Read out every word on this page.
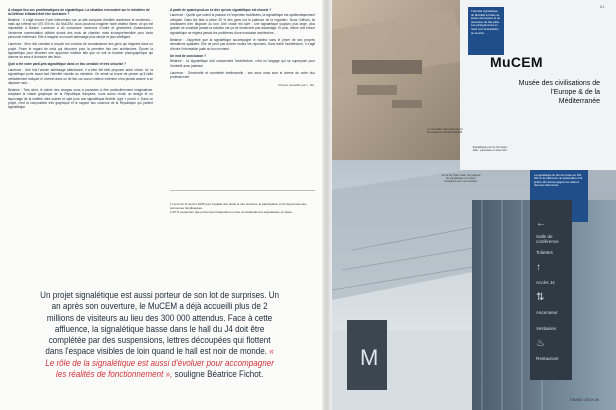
À chaque lieu ses problématiques de signalétique. La situation rencontrée sur le ministère de la Défense à Balard doit être tout autre ?
Béatrice : Il s'agit encore d'une intervention sur un site composé d'entités anciennes et modernes… mais qui s'étend sur 470 000 m². Au MuCEM, nous pouvions imaginer notre visiteur flâner, ce qui est impossible à Balard. Laurence a dû convaincre donneurs d'ordre et géomètres d'abandonner l'ancienne numérotation utilisée durant des mois de chantier, mais incompréhensible pour toute personne extérieure. Elle a imaginé un nouvel adressage plus simple et plus intelligent.
Laurence : Mon rôle consiste à coupler les cordons de connaissance des gens qui baignent dans un projet. Poser le regard de celui qui découvre pour la première fois une architecture. Épurer la signalétique pour favoriser une approche intuitive afin que ce soit la fonction photographique qui domine du sens à la lecture des lieux.
Quel a été votre parti-pris signalétique dans ce lieu sensible et très sécurisé ?
Laurence : Une fois l'ancien adressage abandonné, il a bien été fallu proposer autre chose. Ici, la signalétique porte avant tout l'identité visuelle du ministère. On serait un leurre de penser qu'il faille véritablement indiquer le chemin dans un tel lieu car aucun visiteur extérieur n'est jamais amené à se déplacer seul…
Béatrice : Très strict, le cahier des charges nous a poussées à être particulièrement imaginatives. Adoptant la charte graphique de la République française, nous avons choisi un design et un façonnage de la matière ultra sobres et opté pour une signalétique flexible, type « post-it ». Dans ce projet, c'est la composition très graphique et le rapport aux couleurs de la République qui portent signalétique.
À partir de quand peut-on se dire qu'une signalétique est réussie ?
Laurence : Quelle que soient la passion et l'expertise mobilisées, la signalétique est systématiquement critiquée. Dans les faits à peine 30 % des gens ont la patience de la regarder². Nous l'offrons, ils choisissent d'en disposer ou non. Une chose est sûre : une signalétique toujours plus large, plus grande ne constitue jamais la solution car ça ne fonctionne pas davantage. Et puis, même une bonne signalétique ne règlera jamais les problèmes d'une mauvaise architecture…
Béatrice : J'apprécie que la signalétique accompagne le visiteur sans le priver de ses propres sensations spatiales. Elle ne peut pas donner toutes les réponses. Sans trahir l'architecture, il s'agit d'écrire l'information juste au bon moment.
Un mot de conclusion ?
Béatrice : La signalétique doit comprendre l'architecture, c'est un langage qui se superpose pour l'embellir avec justesse.
Laurence : Générosité et honnêteté intellectuelle : ces deux mots sont le ciment de notre duo professionnel.
Propos recueillis par L. Ric.
1 La loi du 11 février 2005 pour l'égalité des droits et des chances, la participation et la citoyenneté des personnes handicapées.
2 30 % seulement des personnes fréquentant un lieu consulteraient la signalétique en place.
Un projet signalétique est aussi porteur de son lot de surprises. Un an après son ouverture, le MuCEM a déjà accueilli plus de 2 millions de visiteurs au lieu des 300 000 attendus. Face à cette affluence, la signalétique basse dans le hall du J4 doit être complétée par des suspensions, lettres découpées qui flottent dans l'espace visibles de loin quand le hall est noir de monde. « Le rôle de la signalétique est aussi d'évoluer pour accompagner les réalités de fonctionnement », souligne Béatrice Fichot.
M
L'identité signalétique de MuCEM est faite de lettres découpées et de panneaux de tôle pliée. Les pictogrammes en relief sont accessibles au toucher.
MuCEM
Musée des civilisations de l'Europe & de la Méditerranée
Le monolithe d'accueil reprend les codes de l'identité MuCEM.
Signalétique pour le fort Saint-Jean : panneaux en acier brut.
Sur le fort Saint-Jean, les plaques de signalétique en Corten s'intègrent aux murs anciens.
La signalétique du site est posée sur 100 000 m² de bâtiments, de passerelles et de jardins afin d'accompagner les visiteurs dans leur découverte.
←
Salle de conférence
Toilettes
↑
Accès J4
⇅
Ascenseur
Vestiaires
♨
Restaurant
61
GRAND LIEUX #9
